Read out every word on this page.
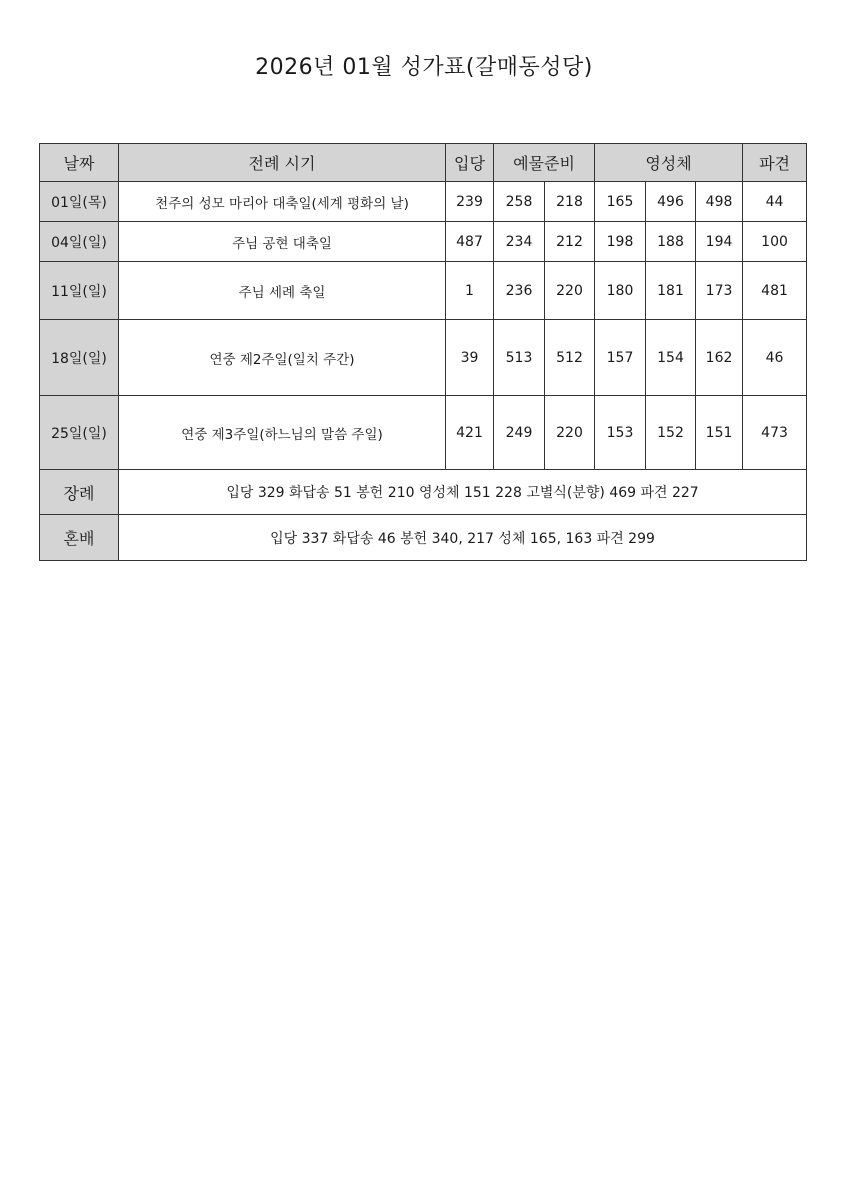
2026년 01월 성가표(갈매동성당)
날짜	전례 시기	입당	예물준비		영성체			파견
01일(목)	천주의 성모 마리아 대축일(세계 평화의 날)	239	258	218	165	496	498	44
04일(일)	주님 공현 대축일	487	234	212	198	188	194	100
11일(일)	주님 세례 축일	1	236	220	180	181	173	481
18일(일)	연중 제2주일(일치 주간)	39	513	512	157	154	162	46
25일(일)	연중 제3주일(하느님의 말씀 주일)	421	249	220	153	152	151	473
장례	입당 329 화답송 51 봉헌 210 영성체 151 228 고별식(분향) 469 파견 227							
혼배	입당 337 화답송 46 봉헌 340, 217 성체 165, 163 파견 299							
